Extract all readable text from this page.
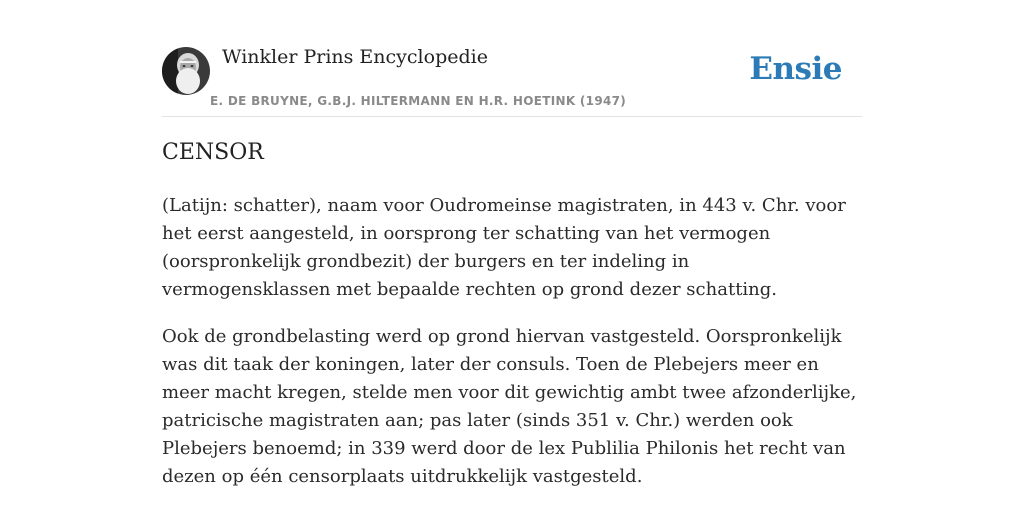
Winkler Prins Encyclopedie
E. DE BRUYNE, G.B.J. HILTERMANN EN H.R. HOETINK (1947)
Ensie
CENSOR

(Latijn: schatter), naam voor Oudromeinse magistraten, in 443 v. Chr. voor het eerst aangesteld, in oorsprong ter schatting van het vermogen (oorspronkelijk grondbezit) der burgers en ter indeling in vermogensklassen met bepaalde rechten op grond dezer schatting.

Ook de grondbelasting werd op grond hiervan vastgesteld. Oorspronkelijk was dit taak der koningen, later der consuls. Toen de Plebejers meer en meer macht kregen, stelde men voor dit gewichtig ambt twee afzonderlijke, patricische magistraten aan; pas later (sinds 351 v. Chr.) werden ook Plebejers benoemd; in 339 werd door de lex Publilia Philonis het recht van dezen op één censorplaats uitdrukkelijk vastgesteld.
